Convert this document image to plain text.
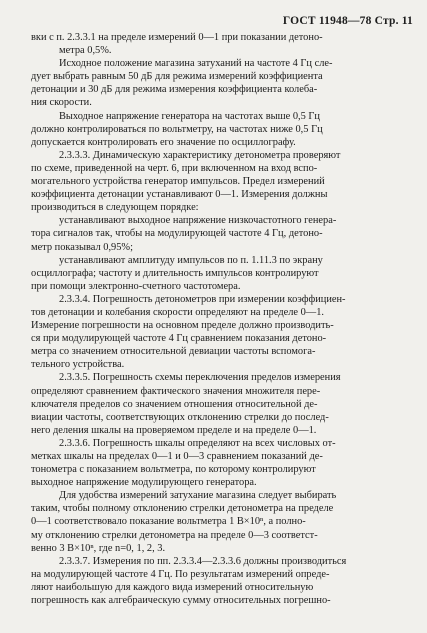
ГОСТ 11948—78 Стр. 11
вки с п. 2.3.3.1 на пределе измерений 0—1 при показании детоно-
метра 0,5%.
Исходное положение магазина затуханий на частоте 4 Гц сле-
дует выбрать равным 50 дБ для режима измерений коэффициента
детонации и 30 дБ для режима измерения коэффициента колеба-
ния скорости.
Выходное напряжение генератора на частотах выше 0,5 Гц
должно контролироваться по вольтметру, на частотах ниже 0,5 Гц
допускается контролировать его значение по осциллографу.
2.3.3.3. Динамическую характеристику детонометра проверяют
по схеме, приведенной на черт. 6, при включенном на вход вспо-
могательного устройства генератор импульсов. Предел измерений
коэффициента детонации устанавливают 0—1. Измерения должны
производиться в следующем порядке:
устанавливают выходное напряжение низкочастотного генера-
тора сигналов так, чтобы на модулирующей частоте 4 Гц, детоно-
метр показывал 0,95%;
устанавливают амплитуду импульсов по п. 1.11.3 по экрану
осциллографа; частоту и длительность импульсов контролируют
при помощи электронно-счетного частотомера.
2.3.3.4. Погрешность детонометров при измерении коэффициен-
тов детонации и колебания скорости определяют на пределе 0—1.
Измерение погрешности на основном пределе должно производить-
ся при модулирующей частоте 4 Гц сравнением показания детоно-
метра со значением относительной девиации частоты вспомога-
тельного устройства.
2.3.3.5. Погрешность схемы переключения пределов измерения
определяют сравнением фактического значения множителя пере-
ключателя пределов со значением отношения относительной де-
виации частоты, соответствующих отклонению стрелки до послед-
него деления шкалы на проверяемом пределе и на пределе 0—1.
2.3.3.6. Погрешность шкалы определяют на всех числовых от-
метках шкалы на пределах 0—1 и 0—3 сравнением показаний де-
тонометра с показанием вольтметра, по которому контролируют
выходное напряжение модулирующего генератора.
Для удобства измерений затухание магазина следует выбирать
таким, чтобы полному отклонению стрелки детонометра на пределе
0—1 соответствовало показание вольтметра 1 В×10ⁿ, а полно-
му отклонению стрелки детонометра на пределе 0—3 соответст-
венно 3 В×10ⁿ, где n=0, 1, 2, 3.
2.3.3.7. Измерения по пп. 2.3.3.4—2.3.3.6 должны производиться
на модулирующей частоте 4 Гц. По результатам измерений опреде-
ляют наибольшую для каждого вида измерений относительную
погрешность как алгебраическую сумму относительных погрешно-
